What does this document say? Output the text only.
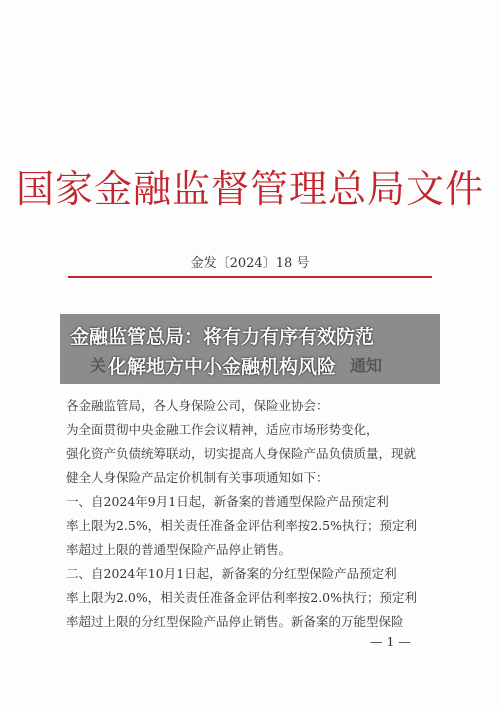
国家金融监督管理总局文件
金发〔2024〕18 号
金融监管总局：将有力有序有效防范
化解地方中小金融机构风险
各金融监管局，各人身保险公司，保险业协会：
为全面贯彻中央金融工作会议精神，适应市场形势变化，
强化资产负债统筹联动，切实提高人身保险产品负债质量，现就
健全人身保险产品定价机制有关事项通知如下：
一、自2024年9月1日起，新备案的普通型保险产品预定利
率上限为2.5%，相关责任准备金评估利率按2.5%执行；预定利
率超过上限的普通型保险产品停止销售。
二、自2024年10月1日起，新备案的分红型保险产品预定利
率上限为2.0%，相关责任准备金评估利率按2.0%执行；预定利
率超过上限的分红型保险产品停止销售。新备案的万能型保险
— 1 —
